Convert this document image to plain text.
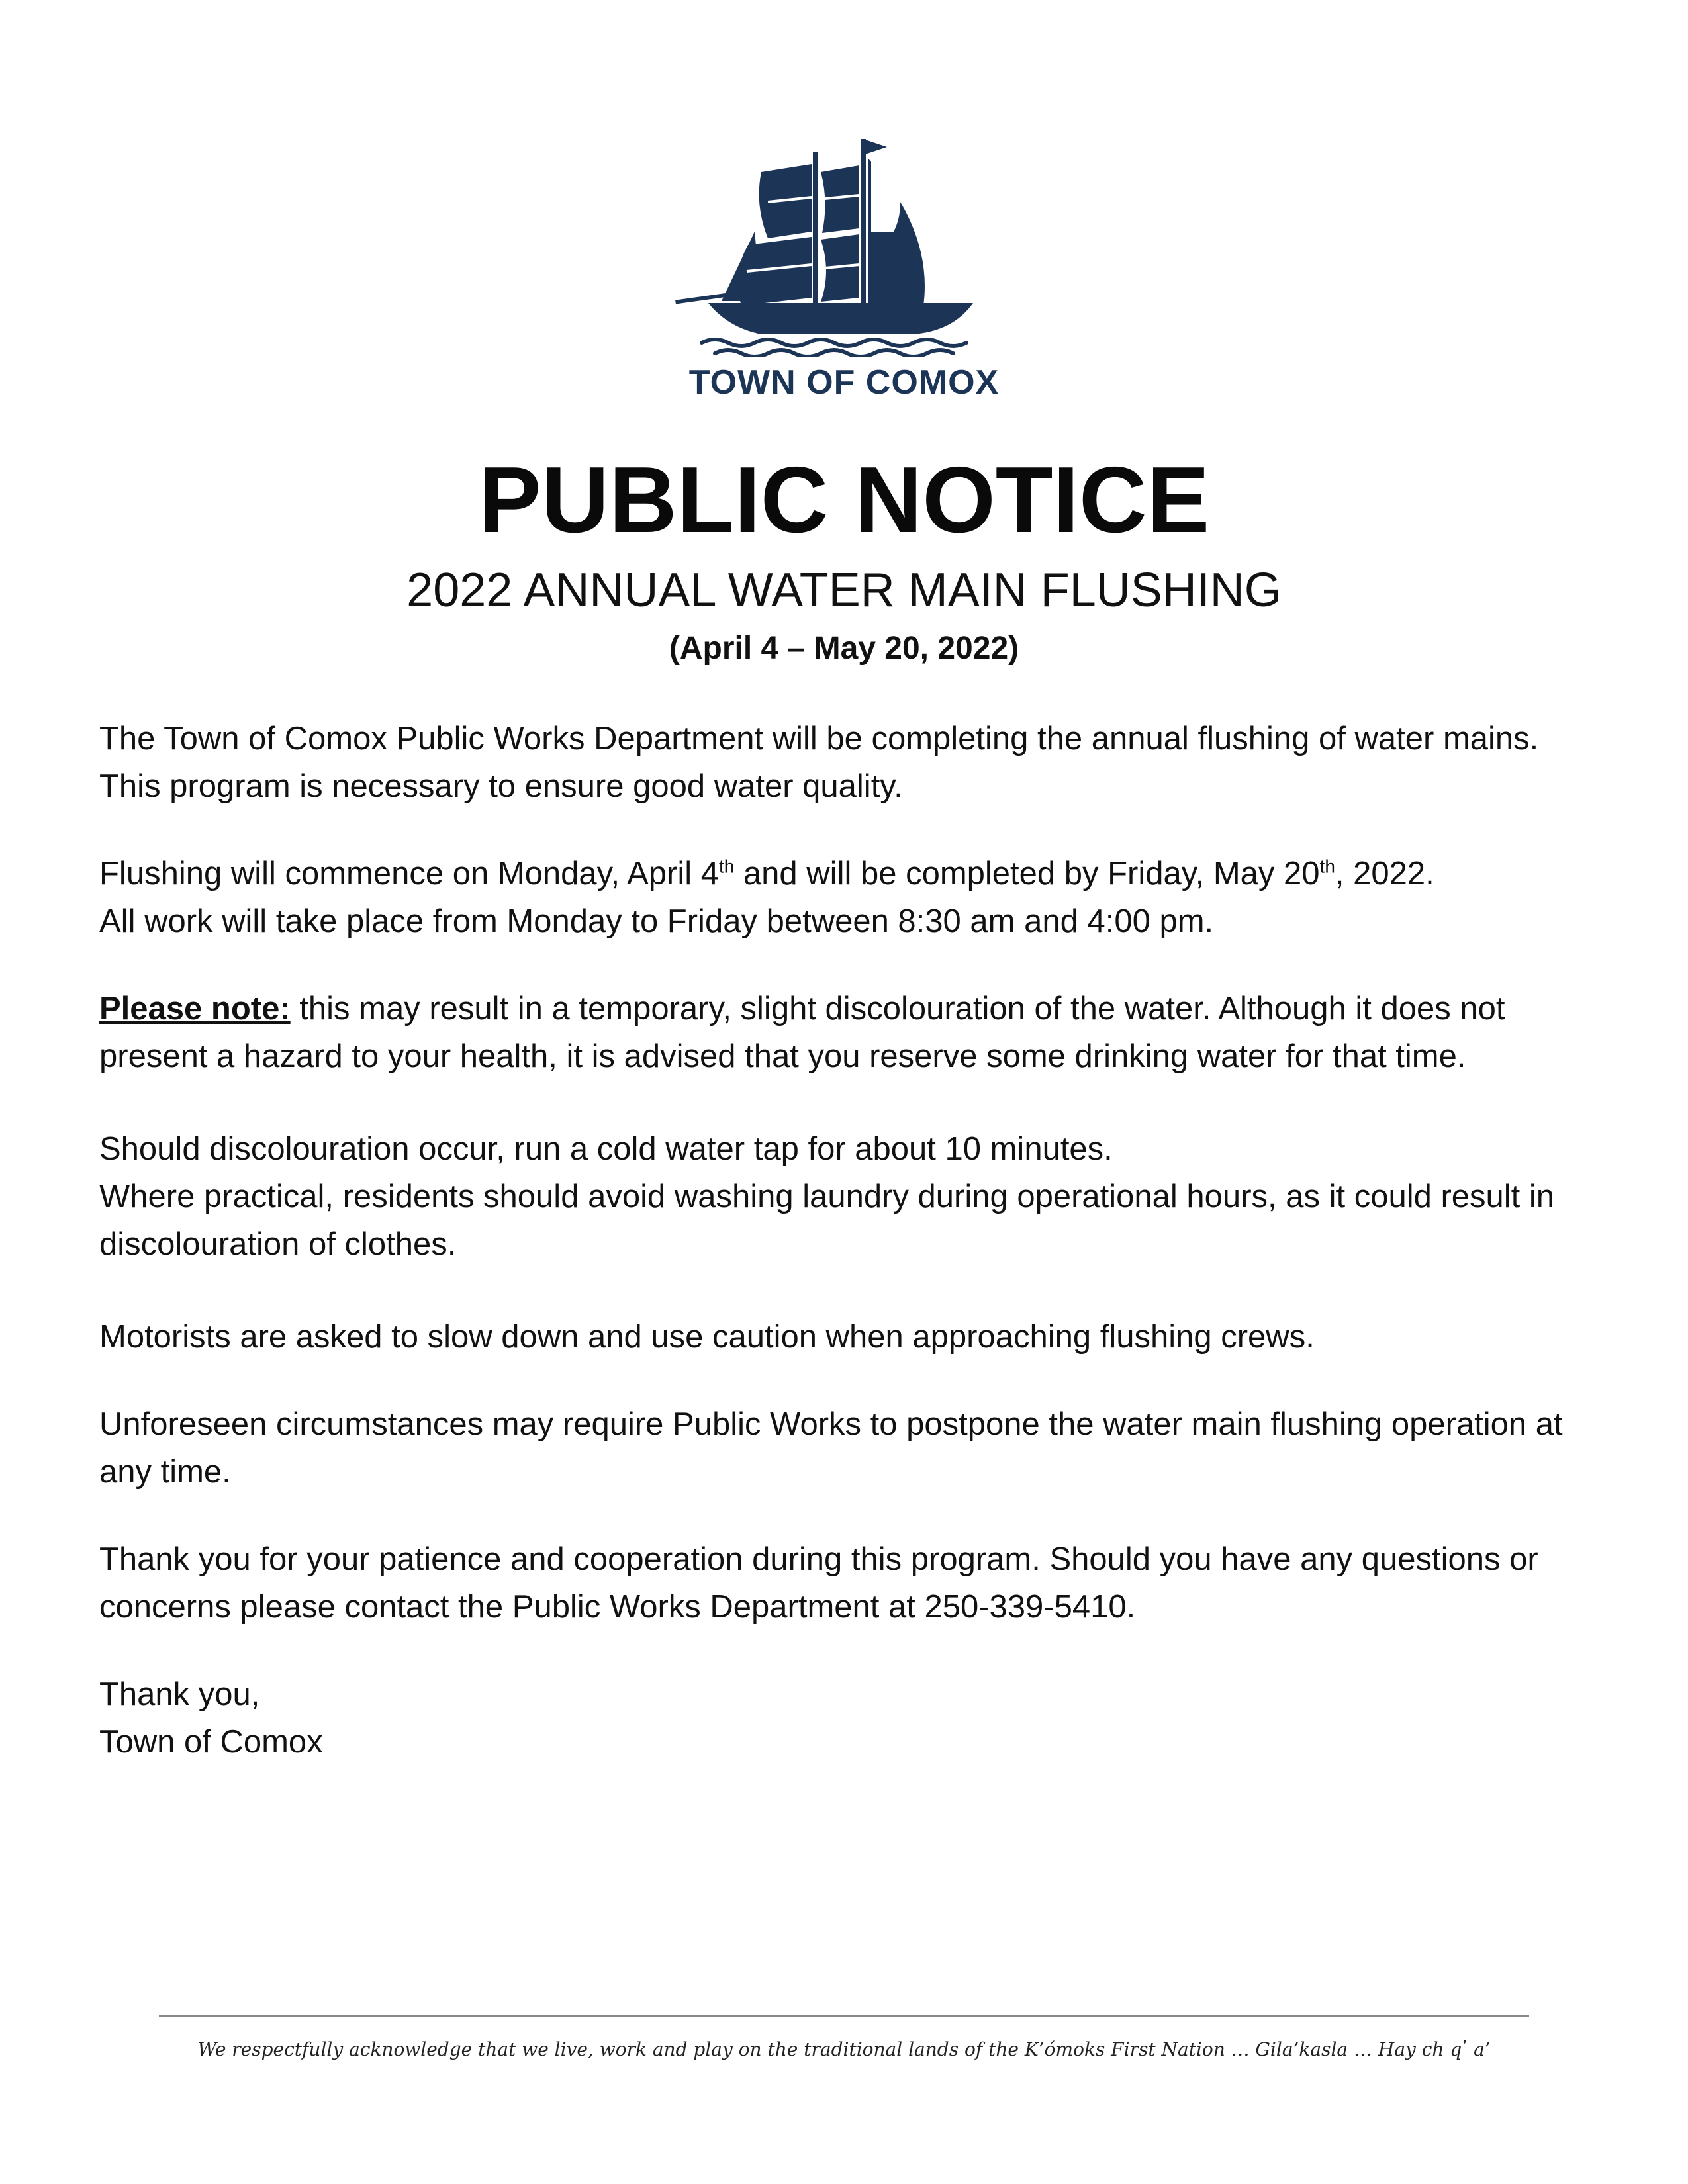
TOWN OF COMOX
PUBLIC NOTICE
2022 ANNUAL WATER MAIN FLUSHING
(April 4 – May 20, 2022)

The Town of Comox Public Works Department will be completing the annual flushing of water mains. This program is necessary to ensure good water quality.

Flushing will commence on Monday, April 4th and will be completed by Friday, May 20th, 2022.
All work will take place from Monday to Friday between 8:30 am and 4:00 pm.

Please note: this may result in a temporary, slight discolouration of the water. Although it does not present a hazard to your health, it is advised that you reserve some drinking water for that time.

Should discolouration occur, run a cold water tap for about 10 minutes.
Where practical, residents should avoid washing laundry during operational hours, as it could result in discolouration of clothes.

Motorists are asked to slow down and use caution when approaching flushing crews.

Unforeseen circumstances may require Public Works to postpone the water main flushing operation at any time.

Thank you for your patience and cooperation during this program. Should you have any questions or concerns please contact the Public Works Department at 250-339-5410.

Thank you,
Town of Comox

We respectfully acknowledge that we live, work and play on the traditional lands of the K’ómoks First Nation … Gila’kasla … Hay ch q ̓ a’
